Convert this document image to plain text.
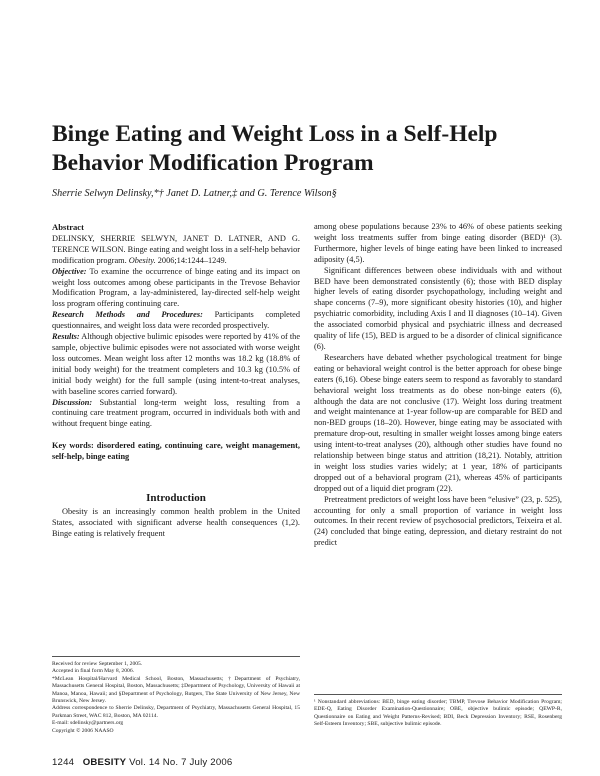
Binge Eating and Weight Loss in a Self-Help Behavior Modification Program
Sherrie Selwyn Delinsky,*† Janet D. Latner,‡ and G. Terence Wilson§

Abstract

DELINSKY, SHERRIE SELWYN, JANET D. LATNER, AND G. TERENCE WILSON. Binge eating and weight loss in a self-help behavior modification program. Obesity. 2006;14:1244–1249.

Objective: To examine the occurrence of binge eating and its impact on weight loss outcomes among obese participants in the Trevose Behavior Modification Program, a lay-administered, lay-directed self-help weight loss program offering continuing care.

Research Methods and Procedures: Participants completed questionnaires, and weight loss data were recorded prospectively.

Results: Although objective bulimic episodes were reported by 41% of the sample, objective bulimic episodes were not associated with worse weight loss outcomes. Mean weight loss after 12 months was 18.2 kg (18.8% of initial body weight) for the treatment completers and 10.3 kg (10.5% of initial body weight) for the full sample (using intent-to-treat analyses, with baseline scores carried forward).

Discussion: Substantial long-term weight loss, resulting from a continuing care treatment program, occurred in individuals both with and without frequent binge eating.

Key words: disordered eating, continuing care, weight management, self-help, binge eating

Introduction

Obesity is an increasingly common health problem in the United States, associated with significant adverse health consequences (1,2). Binge eating is relatively frequent

among obese populations because 23% to 46% of obese patients seeking weight loss treatments suffer from binge eating disorder (BED)¹ (3). Furthermore, higher levels of binge eating have been linked to increased adiposity (4,5).

Significant differences between obese individuals with and without BED have been demonstrated consistently (6); those with BED display higher levels of eating disorder psychopathology, including weight and shape concerns (7–9), more significant obesity histories (10), and higher psychiatric comorbidity, including Axis I and II diagnoses (10–14). Given the associated comorbid physical and psychiatric illness and decreased quality of life (15), BED is argued to be a disorder of clinical significance (6).

Researchers have debated whether psychological treatment for binge eating or behavioral weight control is the better approach for obese binge eaters (6,16). Obese binge eaters seem to respond as favorably to standard behavioral weight loss treatments as do obese non-binge eaters (6), although the data are not conclusive (17). Weight loss during treatment and weight maintenance at 1-year follow-up are comparable for BED and non-BED groups (18–20). However, binge eating may be associated with premature drop-out, resulting in smaller weight losses among binge eaters using intent-to-treat analyses (20), although other studies have found no relationship between binge status and attrition (18,21). Notably, attrition in weight loss studies varies widely; at 1 year, 18% of participants dropped out of a behavioral program (21), whereas 45% of participants dropped out of a liquid diet program (22).

Pretreatment predictors of weight loss have been “elusive” (23, p. 525), accounting for only a small proportion of variance in weight loss outcomes. In their recent review of psychosocial predictors, Teixeira et al. (24) concluded that binge eating, depression, and dietary restraint do not predict

Received for review September 1, 2005.

Accepted in final form May 8, 2006.

*McLean Hospital/Harvard Medical School, Boston, Massachusetts; †Department of Psychiatry, Massachusetts General Hospital, Boston, Massachusetts; ‡Department of Psychology, University of Hawaii at Manoa, Manoa, Hawaii; and §Department of Psychology, Rutgers, The State University of New Jersey, New Brunswick, New Jersey.

Address correspondence to Sherrie Delinsky, Department of Psychiatry, Massachusetts General Hospital, 15 Parkman Street, WAC 812, Boston, MA 02114.

E-mail: sdelinsky@partners.org

Copyright © 2006 NAASO

¹ Nonstandard abbreviations: BED, binge eating disorder; TBMP, Trevose Behavior Modification Program; EDE-Q, Eating Disorder Examination-Questionnaire; OBE, objective bulimic episode; QEWP-R, Questionnaire on Eating and Weight Patterns-Revised; BDI, Beck Depression Inventory; RSE, Rosenberg Self-Esteem Inventory; SBE, subjective bulimic episode.

1244 OBESITY Vol. 14 No. 7 July 2006
